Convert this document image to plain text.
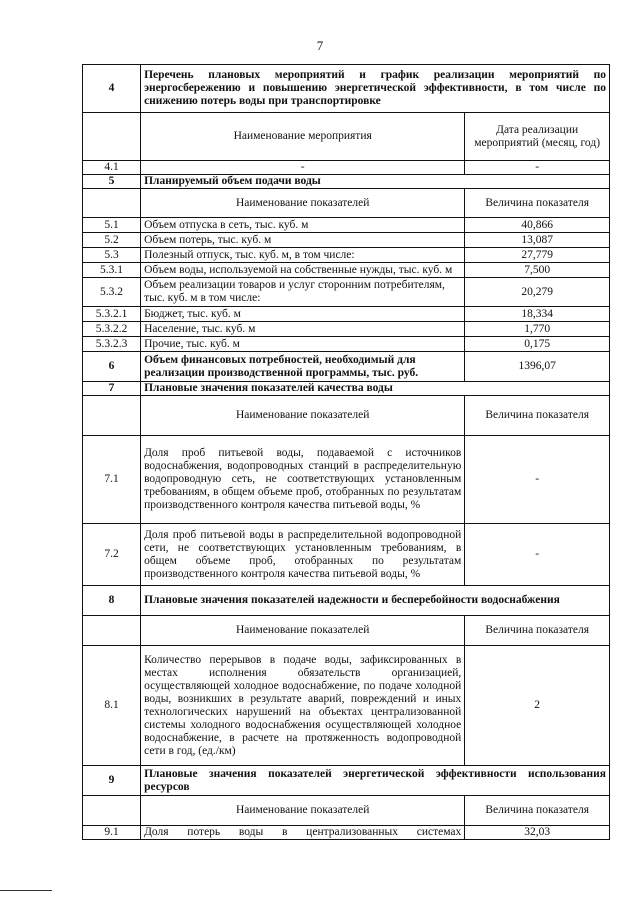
7
4	Перечень плановых мероприятий и график реализации мероприятий по энергосбережению и повышению энергетической эффективности, в том числе по снижению потерь воды при транспортировке	
	Наименование мероприятия	Дата реализации мероприятий (месяц, год)
4.1	-	-
5	Планируемый объем подачи воды	
	Наименование показателей	Величина показателя
5.1	Объем отпуска в сеть, тыс. куб. м	40,866
5.2	Объем потерь, тыс. куб. м	13,087
5.3	Полезный отпуск, тыс. куб. м, в том числе:	27,779
5.3.1	Объем воды, используемой на собственные нужды, тыс. куб. м	7,500
5.3.2	Объем реализации товаров и услуг сторонним потребителям, тыс. куб. м в том числе:	20,279
5.3.2.1	Бюджет, тыс. куб. м	18,334
5.3.2.2	Население, тыс. куб. м	1,770
5.3.2.3	Прочие, тыс. куб. м	0,175
6	Объем финансовых потребностей, необходимый для реализации производственной программы, тыс. руб.	1396,07
7	Плановые значения показателей качества воды	
	Наименование показателей	Величина показателя
7.1	Доля проб питьевой воды, подаваемой с источников водоснабжения, водопроводных станций в распределительную водопроводную сеть, не соответствующих установленным требованиям, в общем объеме проб, отобранных по результатам производственного контроля качества питьевой воды, %	-
7.2	Доля проб питьевой воды в распределительной водопроводной сети, не соответствующих установленным требованиям, в общем объеме проб, отобранных по результатам производственного контроля качества питьевой воды, %	-
8	Плановые значения показателей надежности и бесперебойности водоснабжения	
	Наименование показателей	Величина показателя
8.1	Количество перерывов в подаче воды, зафиксированных в местах исполнения обязательств организацией, осуществляющей холодное водоснабжение, по подаче холодной воды, возникших в результате аварий, повреждений и иных технологических нарушений на объектах централизованной системы холодного водоснабжения осуществляющей холодное водоснабжение, в расчете на протяженность водопроводной сети в год, (ед./км)	2
9	Плановые значения показателей энергетической эффективности использования ресурсов	
	Наименование показателей	Величина показателя
9.1	Доля потерь воды в централизованных системах	32,03
